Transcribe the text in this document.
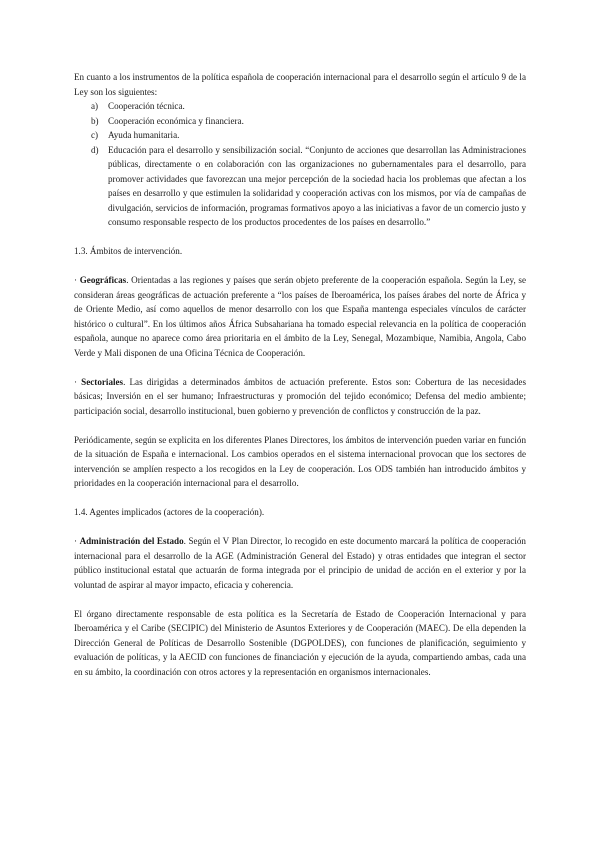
En cuanto a los instrumentos de la política española de cooperación internacional para el desarrollo según el artículo 9 de la Ley son los siguientes:

a) Cooperación técnica.
b) Cooperación económica y financiera.
c) Ayuda humanitaria.
d) Educación para el desarrollo y sensibilización social. “Conjunto de acciones que desarrollan las Administraciones públicas, directamente o en colaboración con las organizaciones no gubernamentales para el desarrollo, para promover actividades que favorezcan una mejor percepción de la sociedad hacia los problemas que afectan a los países en desarrollo y que estimulen la solidaridad y cooperación activas con los mismos, por vía de campañas de divulgación, servicios de información, programas formativos apoyo a las iniciativas a favor de un comercio justo y consumo responsable respecto de los productos procedentes de los países en desarrollo.”

1.3. Ámbitos de intervención.

· Geográficas. Orientadas a las regiones y países que serán objeto preferente de la cooperación española. Según la Ley, se consideran áreas geográficas de actuación preferente a “los países de Iberoamérica, los países árabes del norte de África y de Oriente Medio, así como aquellos de menor desarrollo con los que España mantenga especiales vínculos de carácter histórico o cultural”. En los últimos años África Subsahariana ha tomado especial relevancia en la política de cooperación española, aunque no aparece como área prioritaria en el ámbito de la Ley, Senegal, Mozambique, Namibia, Angola, Cabo Verde y Mali disponen de una Oficina Técnica de Cooperación.

· Sectoriales. Las dirigidas a determinados ámbitos de actuación preferente. Estos son: Cobertura de las necesidades básicas; Inversión en el ser humano; Infraestructuras y promoción del tejido económico; Defensa del medio ambiente; participación social, desarrollo institucional, buen gobierno y prevención de conflictos y construcción de la paz.

Periódicamente, según se explicita en los diferentes Planes Directores, los ámbitos de intervención pueden variar en función de la situación de España e internacional. Los cambios operados en el sistema internacional provocan que los sectores de intervención se amplíen respecto a los recogidos en la Ley de cooperación. Los ODS también han introducido ámbitos y prioridades en la cooperación internacional para el desarrollo.

1.4. Agentes implicados (actores de la cooperación).

· Administración del Estado. Según el V Plan Director, lo recogido en este documento marcará la política de cooperación internacional para el desarrollo de la AGE (Administración General del Estado) y otras entidades que integran el sector público institucional estatal que actuarán de forma integrada por el principio de unidad de acción en el exterior y por la voluntad de aspirar al mayor impacto, eficacia y coherencia.

El órgano directamente responsable de esta política es la Secretaría de Estado de Cooperación Internacional y para Iberoamérica y el Caribe (SECIPIC) del Ministerio de Asuntos Exteriores y de Cooperación (MAEC). De ella dependen la Dirección General de Políticas de Desarrollo Sostenible (DGPOLDES), con funciones de planificación, seguimiento y evaluación de políticas, y la AECID con funciones de financiación y ejecución de la ayuda, compartiendo ambas, cada una en su ámbito, la coordinación con otros actores y la representación en organismos internacionales.
